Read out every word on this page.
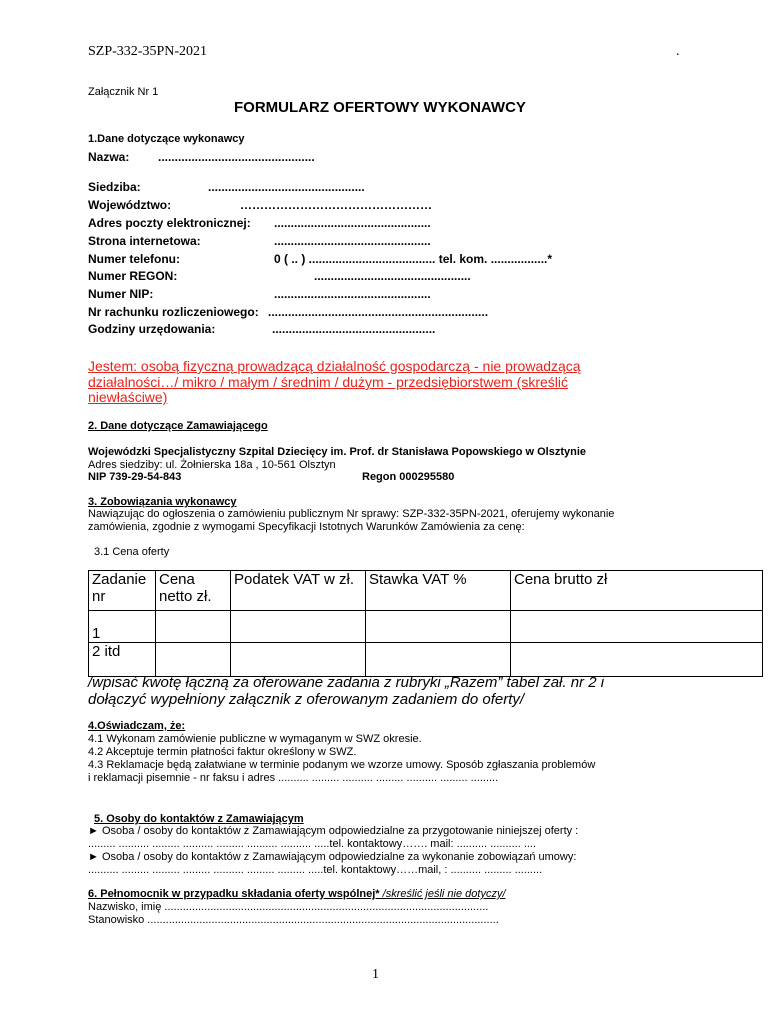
SZP-332-35PN-2021	.
Załącznik Nr 1
FORMULARZ OFERTOWY WYKONAWCY
1.Dane dotyczące wykonawcy
Nazwa: ...............................................
Siedziba:	...............................................
Województwo:	…………………………………………
Adres poczty elektronicznej: ...............................................
Strona internetowa:	...............................................
Numer telefonu:	0 ( .. ) ...................................... tel. kom. .................*
Numer REGON:	...............................................
Numer NIP:	...............................................
Nr rachunku rozliczeniowego: ..................................................................
Godziny urzędowania:	.................................................
Jestem: osobą fizyczną prowadzącą działalność gospodarczą - nie prowadzącą
działalności…/ mikro / małym / średnim / dużym - przedsiębiorstwem (skreślić
niewłaściwe)
2. Dane dotyczące Zamawiającego
Wojewódzki Specjalistyczny Szpital Dziecięcy im. Prof. dr Stanisława Popowskiego w Olsztynie
Adres siedziby: ul. Żołnierska 18a , 10-561 Olsztyn
NIP 739-29-54-843	Regon 000295580
3. Zobowiązania wykonawcy
Nawiązując do ogłoszenia o zamówieniu publicznym Nr sprawy: SZP-332-35PN-2021, oferujemy wykonanie
zamówienia, zgodnie z wymogami Specyfikacji Istotnych Warunków Zamówienia za cenę:
3.1 Cena oferty
Zadanie nr	Cena netto zł.	Podatek VAT w zł.	Stawka VAT %	Cena brutto zł
1				
2 itd				
/wpisać kwotę łączną za oferowane zadania z rubryki „Razem” tabel zał. nr 2 i
dołączyć wypełniony załącznik z oferowanym zadaniem do oferty/
4.Oświadczam, że:
4.1 Wykonam zamówienie publiczne w wymaganym w SWZ okresie.
4.2 Akceptuje termin płatności faktur określony w SWZ.
4.3 Reklamacje będą załatwiane w terminie podanym we wzorze umowy. Sposób zgłaszania problemów
i reklamacji pisemnie - nr faksu i adres .......... ......... .......... ......... .......... ......... .........
5. Osoby do kontaktów z Zamawiającym
► Osoba / osoby do kontaktów z Zamawiającym odpowiedzialne za przygotowanie niniejszej oferty :
......... .......... ......... .......... ......... .......... .......... .....tel. kontaktowy……. mail: .......... .......... ....
► Osoba / osoby do kontaktów z Zamawiającym odpowiedzialne za wykonanie zobowiązań umowy:
.......... ......... ......... ......... .......... ......... ......... .....tel. kontaktowy……mail, : .......... ......... .........
6. Pełnomocnik w przypadku składania oferty wspólnej* /skreślić jeśli nie dotyczy/
Nazwisko, imię ..........................................................................................................
Stanowisko ...................................................................................................................
1
